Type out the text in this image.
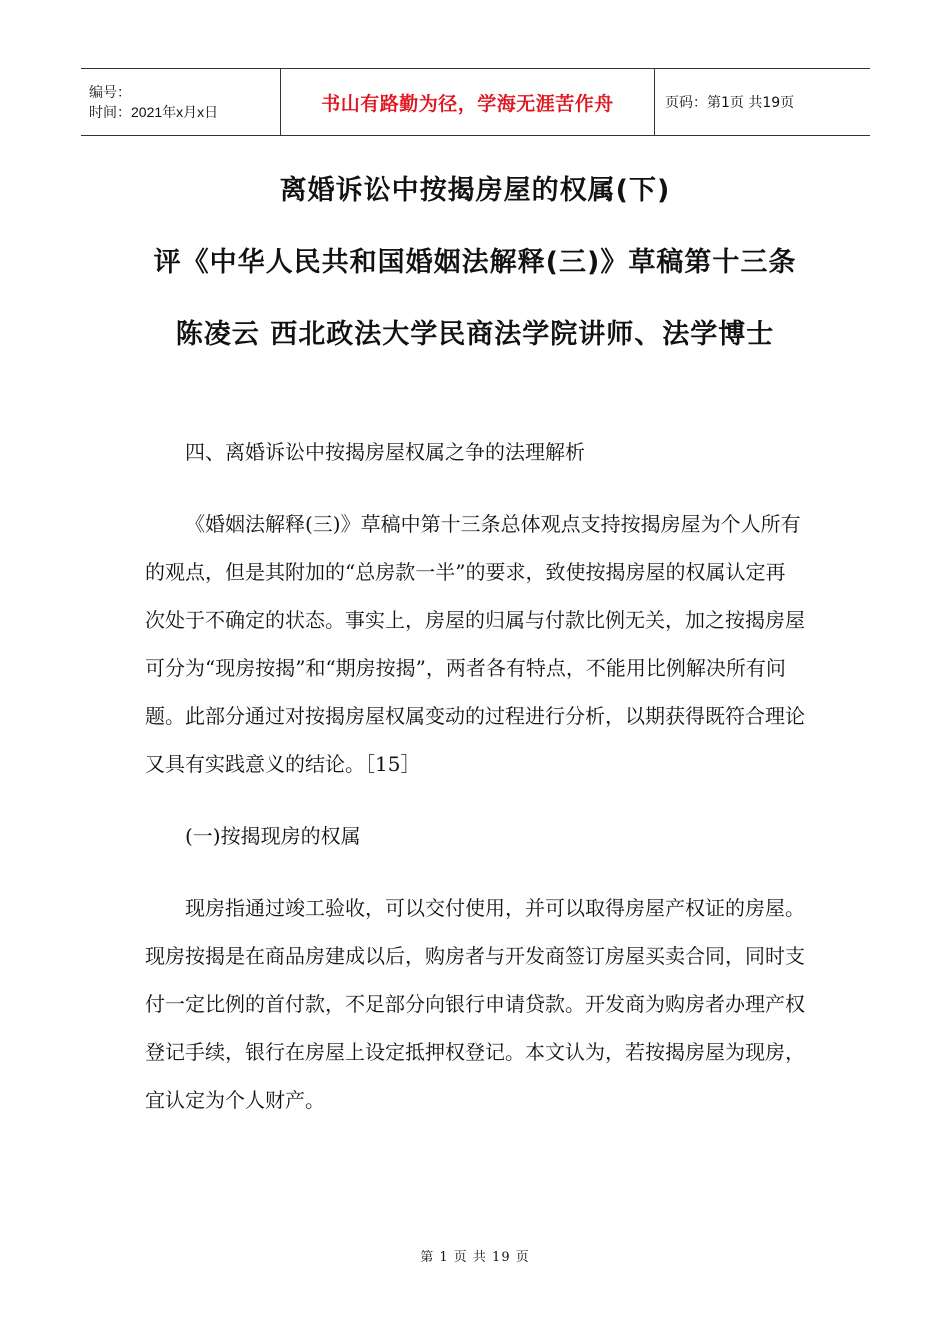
编号：
时间：2021年x月x日	书山有路勤为径，学海无涯苦作舟	页码：第1页 共19页
离婚诉讼中按揭房屋的权属(下)
评《中华人民共和国婚姻法解释(三)》草稿第十三条
陈凌云 西北政法大学民商法学院讲师、法学博士

四、离婚诉讼中按揭房屋权属之争的法理解析

《婚姻法解释(三)》草稿中第十三条总体观点支持按揭房屋为个人所有的观点，但是其附加的“总房款一半”的要求，致使按揭房屋的权属认定再次处于不确定的状态。事实上，房屋的归属与付款比例无关，加之按揭房屋可分为“现房按揭”和“期房按揭”，两者各有特点，不能用比例解决所有问题。此部分通过对按揭房屋权属变动的过程进行分析，以期获得既符合理论又具有实践意义的结论。［15］

(一)按揭现房的权属

现房指通过竣工验收，可以交付使用，并可以取得房屋产权证的房屋。现房按揭是在商品房建成以后，购房者与开发商签订房屋买卖合同，同时支付一定比例的首付款，不足部分向银行申请贷款。开发商为购房者办理产权登记手续，银行在房屋上设定抵押权登记。本文认为，若按揭房屋为现房，宜认定为个人财产。

第 1 页 共 19 页
